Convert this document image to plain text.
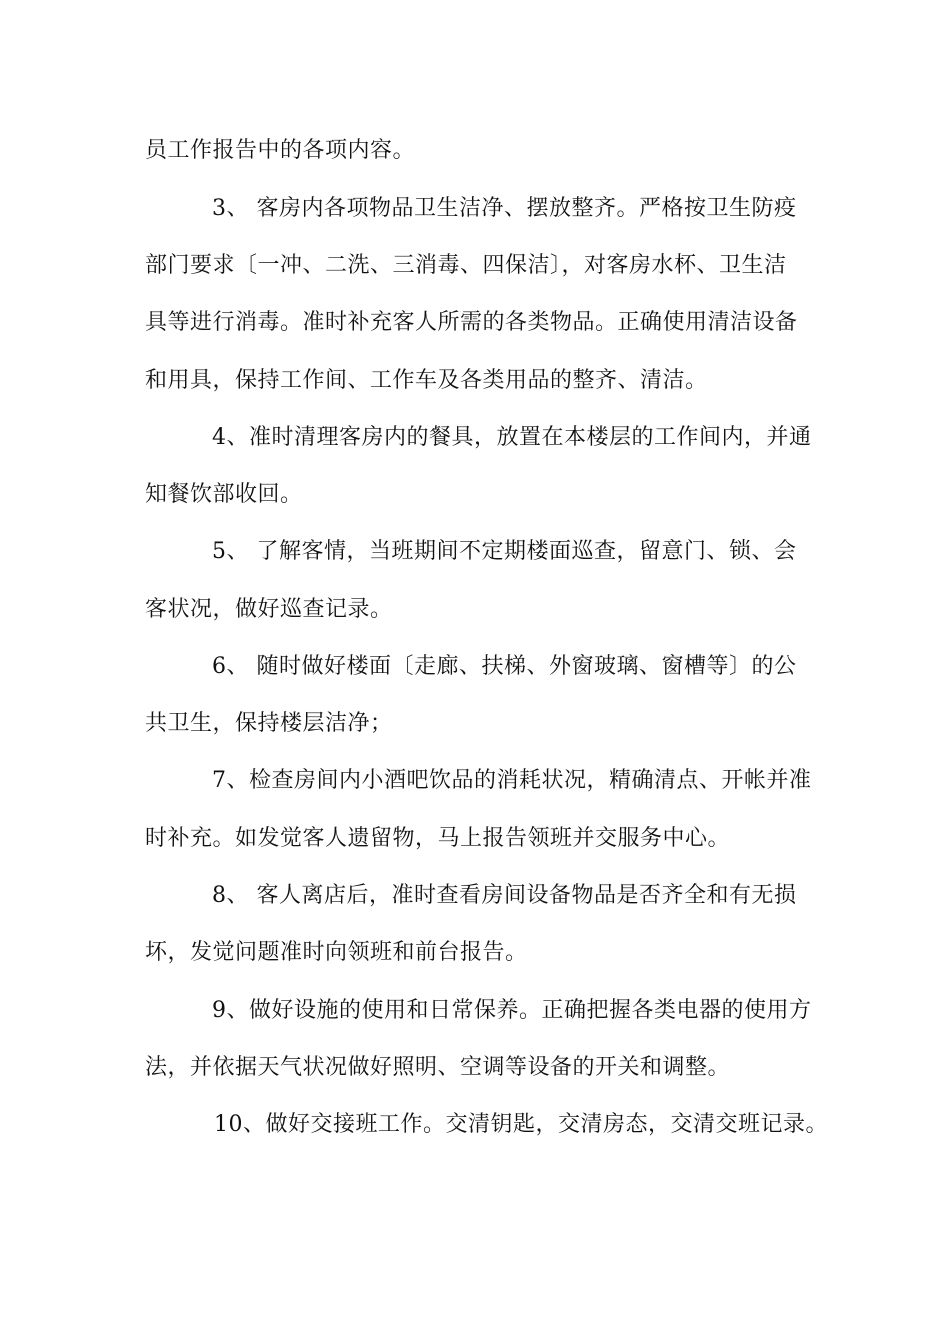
员工作报告中的各项内容。
3、 客房内各项物品卫生洁净、摆放整齐。严格按卫生防疫
部门要求〔一冲、二洗、三消毒、四保洁〕，对客房水杯、卫生洁
具等进行消毒。准时补充客人所需的各类物品。正确使用清洁设备
和用具，保持工作间、工作车及各类用品的整齐、清洁。
4、准时清理客房内的餐具，放置在本楼层的工作间内，并通
知餐饮部收回。
5、 了解客情，当班期间不定期楼面巡查，留意门、锁、会
客状况，做好巡查记录。
6、 随时做好楼面〔走廊、扶梯、外窗玻璃、窗槽等〕的公
共卫生，保持楼层洁净；
7、检查房间内小酒吧饮品的消耗状况，精确清点、开帐并准
时补充。如发觉客人遗留物，马上报告领班并交服务中心。
8、 客人离店后，准时查看房间设备物品是否齐全和有无损
坏，发觉问题准时向领班和前台报告。
9、做好设施的使用和日常保养。正确把握各类电器的使用方
法，并依据天气状况做好照明、空调等设备的开关和调整。
10、做好交接班工作。交清钥匙，交清房态，交清交班记录。
